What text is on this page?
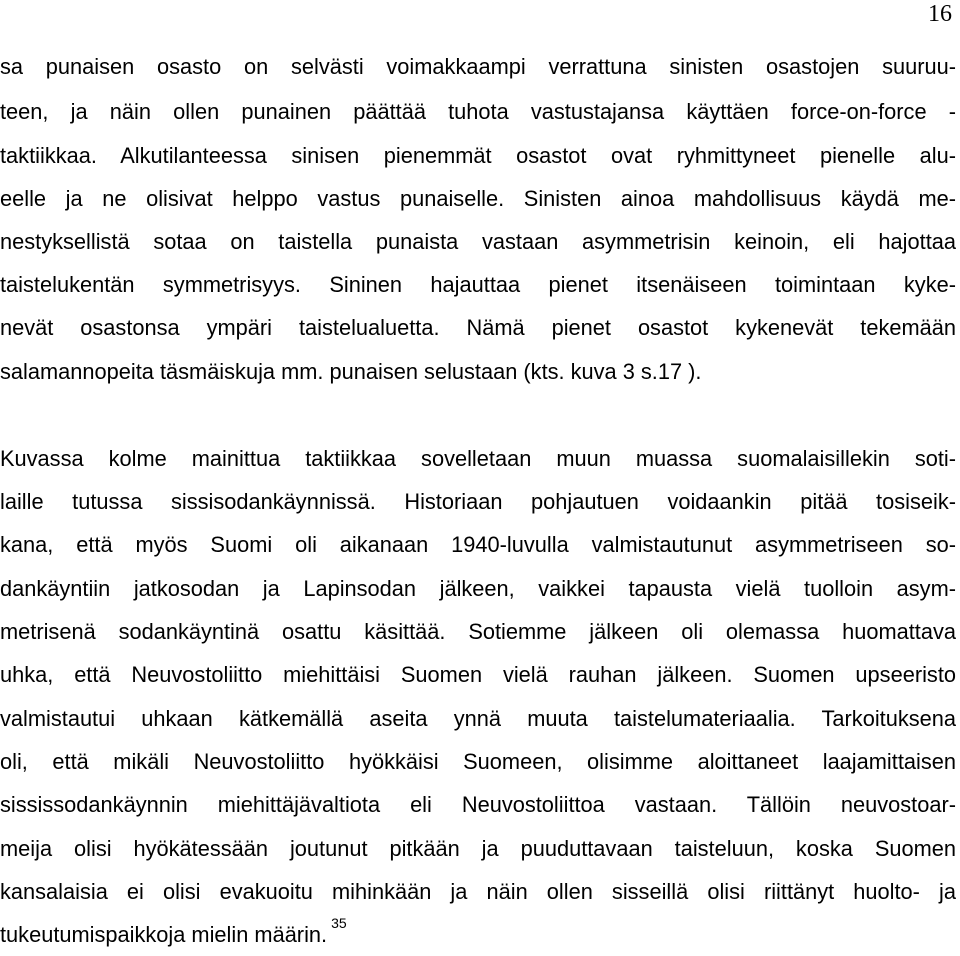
16
sa punaisen osasto on selvästi voimakkaampi verrattuna sinisten osastojen suuruu-
teen, ja näin ollen punainen päättää tuhota vastustajansa käyttäen force-on-force -
taktiikkaa. Alkutilanteessa sinisen pienemmät osastot ovat ryhmittyneet pienelle alu-
eelle ja ne olisivat helppo vastus punaiselle. Sinisten ainoa mahdollisuus käydä me-
nestyksellistä sotaa on taistella punaista vastaan asymmetrisin keinoin, eli hajottaa
taistelukentän symmetrisyys. Sininen hajauttaa pienet itsenäiseen toimintaan kyke-
nevät osastonsa ympäri taistelualuetta. Nämä pienet osastot kykenevät tekemään
salamannopeita täsmäiskuja mm. punaisen selustaan (kts. kuva 3 s.17 ).
Kuvassa kolme mainittua taktiikkaa sovelletaan muun muassa suomalaisillekin soti-
laille tutussa sissisodankäynnissä. Historiaan pohjautuen voidaankin pitää tosiseik-
kana, että myös Suomi oli aikanaan 1940-luvulla valmistautunut asymmetriseen so-
dankäyntiin jatkosodan ja Lapinsodan jälkeen, vaikkei tapausta vielä tuolloin asym-
metrisenä sodankäyntinä osattu käsittää. Sotiemme jälkeen oli olemassa huomattava
uhka, että Neuvostoliitto miehittäisi Suomen vielä rauhan jälkeen. Suomen upseeristo
valmistautui uhkaan kätkemällä aseita ynnä muuta taistelumateriaalia. Tarkoituksena
oli, että mikäli Neuvostoliitto hyökkäisi Suomeen, olisimme aloittaneet laajamittaisen
sississodankäynnin miehittäjävaltiota eli Neuvostoliittoa vastaan. Tällöin neuvostoar-
meija olisi hyökätessään joutunut pitkään ja puuduttavaan taisteluun, koska Suomen
kansalaisia ei olisi evakuoitu mihinkään ja näin ollen sisseillä olisi riittänyt huolto- ja
tukeutumispaikkoja mielin määrin. $^{35}$
